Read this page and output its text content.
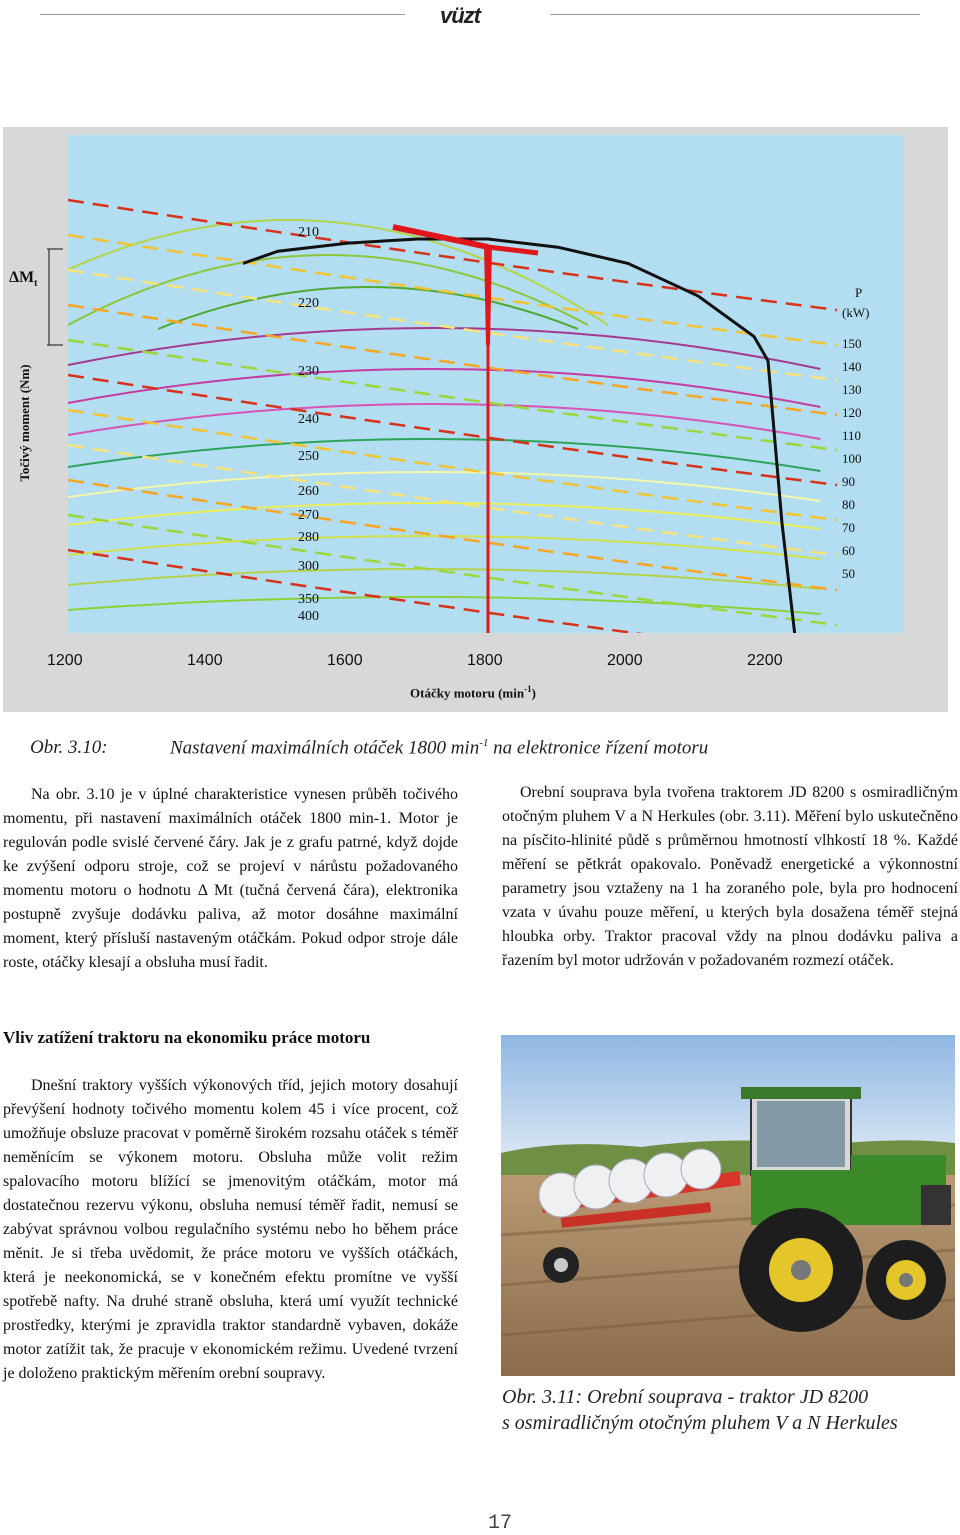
vüzt
$\Delta M_t$
Točivý moment (Nm)
210
220
230
240
250
260
270
280
300
350
400
P
(kW)
150
140
130
120
110
100
90
80
70
60
50
1200	1400	1600	1800	2000	2200
Otáčky motoru $(\min^{-1})$
Obr. 3.10:	Nastavení maximálních otáček 1800 $\min^{-1}$ na elektronice řízení motoru

Na obr. 3.10 je v úplné charakteristice vynesen průběh točivého momentu, při nastavení maximálních otáček 1800 min-1. Motor je regulován podle svislé červené čáry. Jak je z grafu patrné, když dojde ke zvýšení odporu stroje, což se projeví v nárůstu požadovaného momentu motoru o hodnotu Δ Mt (tučná červená čára), elektronika postupně zvyšuje dodávku paliva, až motor dosáhne maximální moment, který přísluší nastaveným otáčkám. Pokud odpor stroje dále roste, otáčky klesají a obsluha musí řadit.

Vliv zatížení traktoru na ekonomiku práce motoru

Dnešní traktory vyšších výkonových tříd, jejich motory dosahují převýšení hodnoty točivého momentu kolem 45 i více procent, což umožňuje obsluze pracovat v poměrně širokém rozsahu otáček s téměř neměnícím se výkonem motoru. Obsluha může volit režim spalovacího motoru blížící se jmenovitým otáčkám, motor má dostatečnou rezervu výkonu, obsluha nemusí téměř řadit, nemusí se zabývat správnou volbou regulačního systému nebo ho během práce měnit. Je si třeba uvědomit, že práce motoru ve vyšších otáčkách, která je neekonomická, se v konečném efektu promítne ve vyšší spotřebě nafty. Na druhé straně obsluha, která umí využít technické prostředky, kterými je zpravidla traktor standardně vybaven, dokáže motor zatížit tak, že pracuje v ekonomickém režimu. Uvedené tvrzení je doloženo praktickým měřením orební soupravy.

Orební souprava byla tvořena traktorem JD 8200 s osmiradličným otočným pluhem V a N Herkules (obr. 3.11). Měření bylo uskutečněno na písčito-hlinité půdě s průměrnou hmotností vlhkostí 18 %. Každé měření se pětkrát opakovalo. Poněvadž energetické a výkonnostní parametry jsou vztaženy na 1 ha zoraného pole, byla pro hodnocení vzata v úvahu pouze měření, u kterých byla dosažena téměř stejná hloubka orby. Traktor pracoval vždy na plnou dodávku paliva a řazením byl motor udržován v požadovaném rozmezí otáček.

Obr. 3.11: Orební souprava - traktor JD 8200
s osmiradličným otočným pluhem V a N Herkules
17
